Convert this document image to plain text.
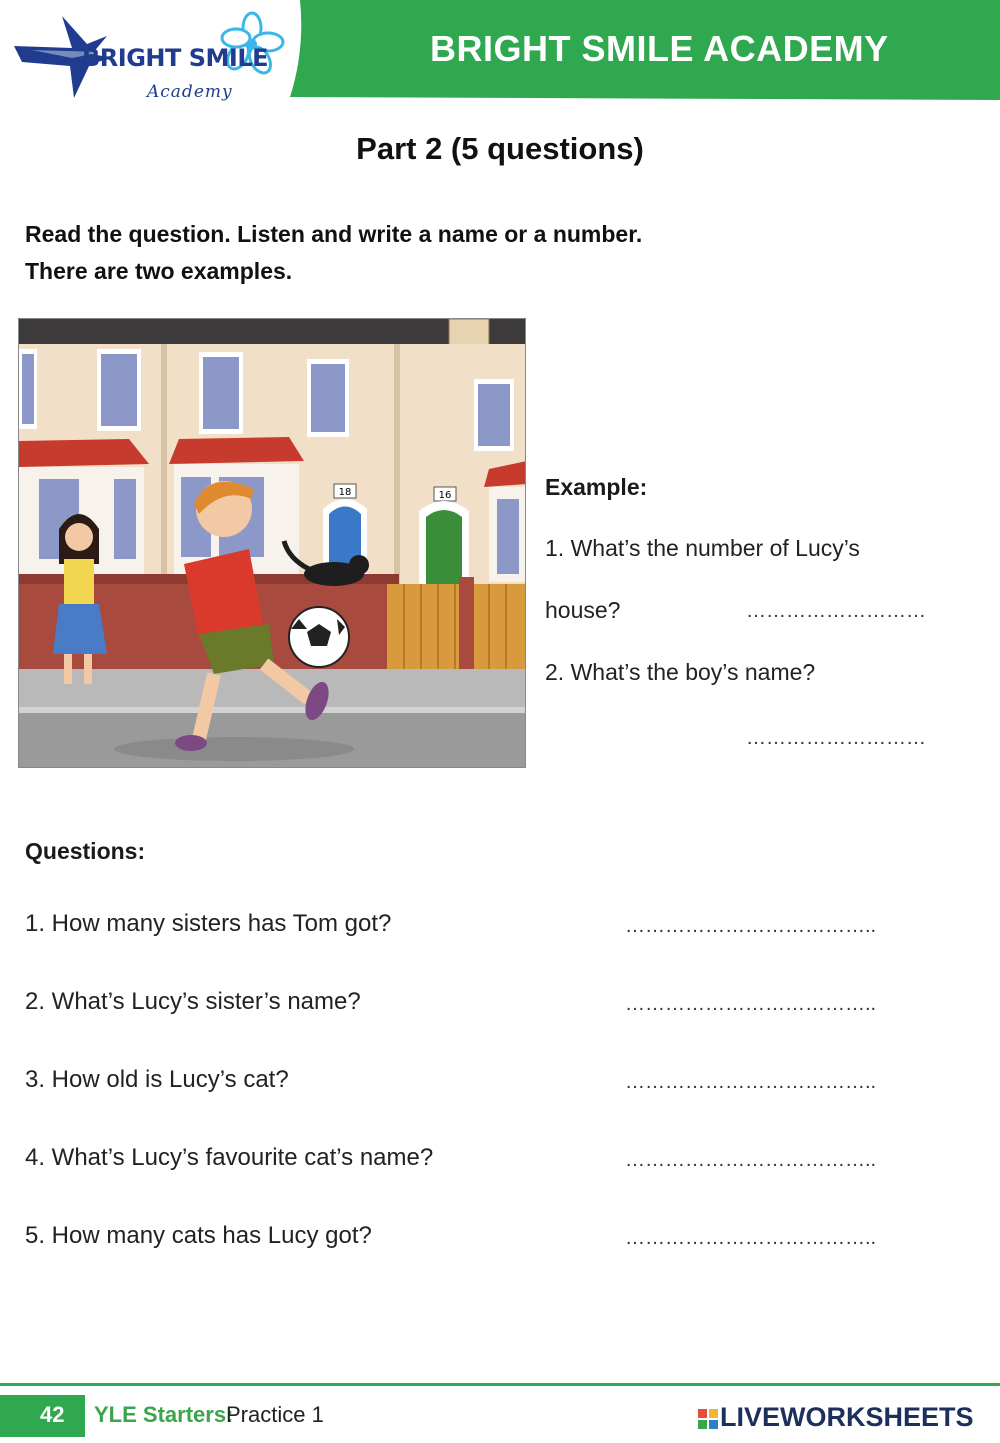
BRIGHT SMILE ACADEMY
BRIGHT SMILE
Academy
Part 2 (5 questions)
Read the question. Listen and write a name or a number.
There are two examples.
18	16	Example:
1. What’s the number of Lucy’s
house?	………………………
2. What’s the boy’s name?
………………………
Questions:
1. How many sisters has Tom got?	………………………………..
2. What’s Lucy’s sister’s name?	………………………………..
3. How old is Lucy’s cat?	………………………………..
4. What’s Lucy’s favourite cat’s name?	………………………………..
5. How many cats has Lucy got?	………………………………..
42 YLE Starters:
Practice 1	LIVEWORKSHEETS
